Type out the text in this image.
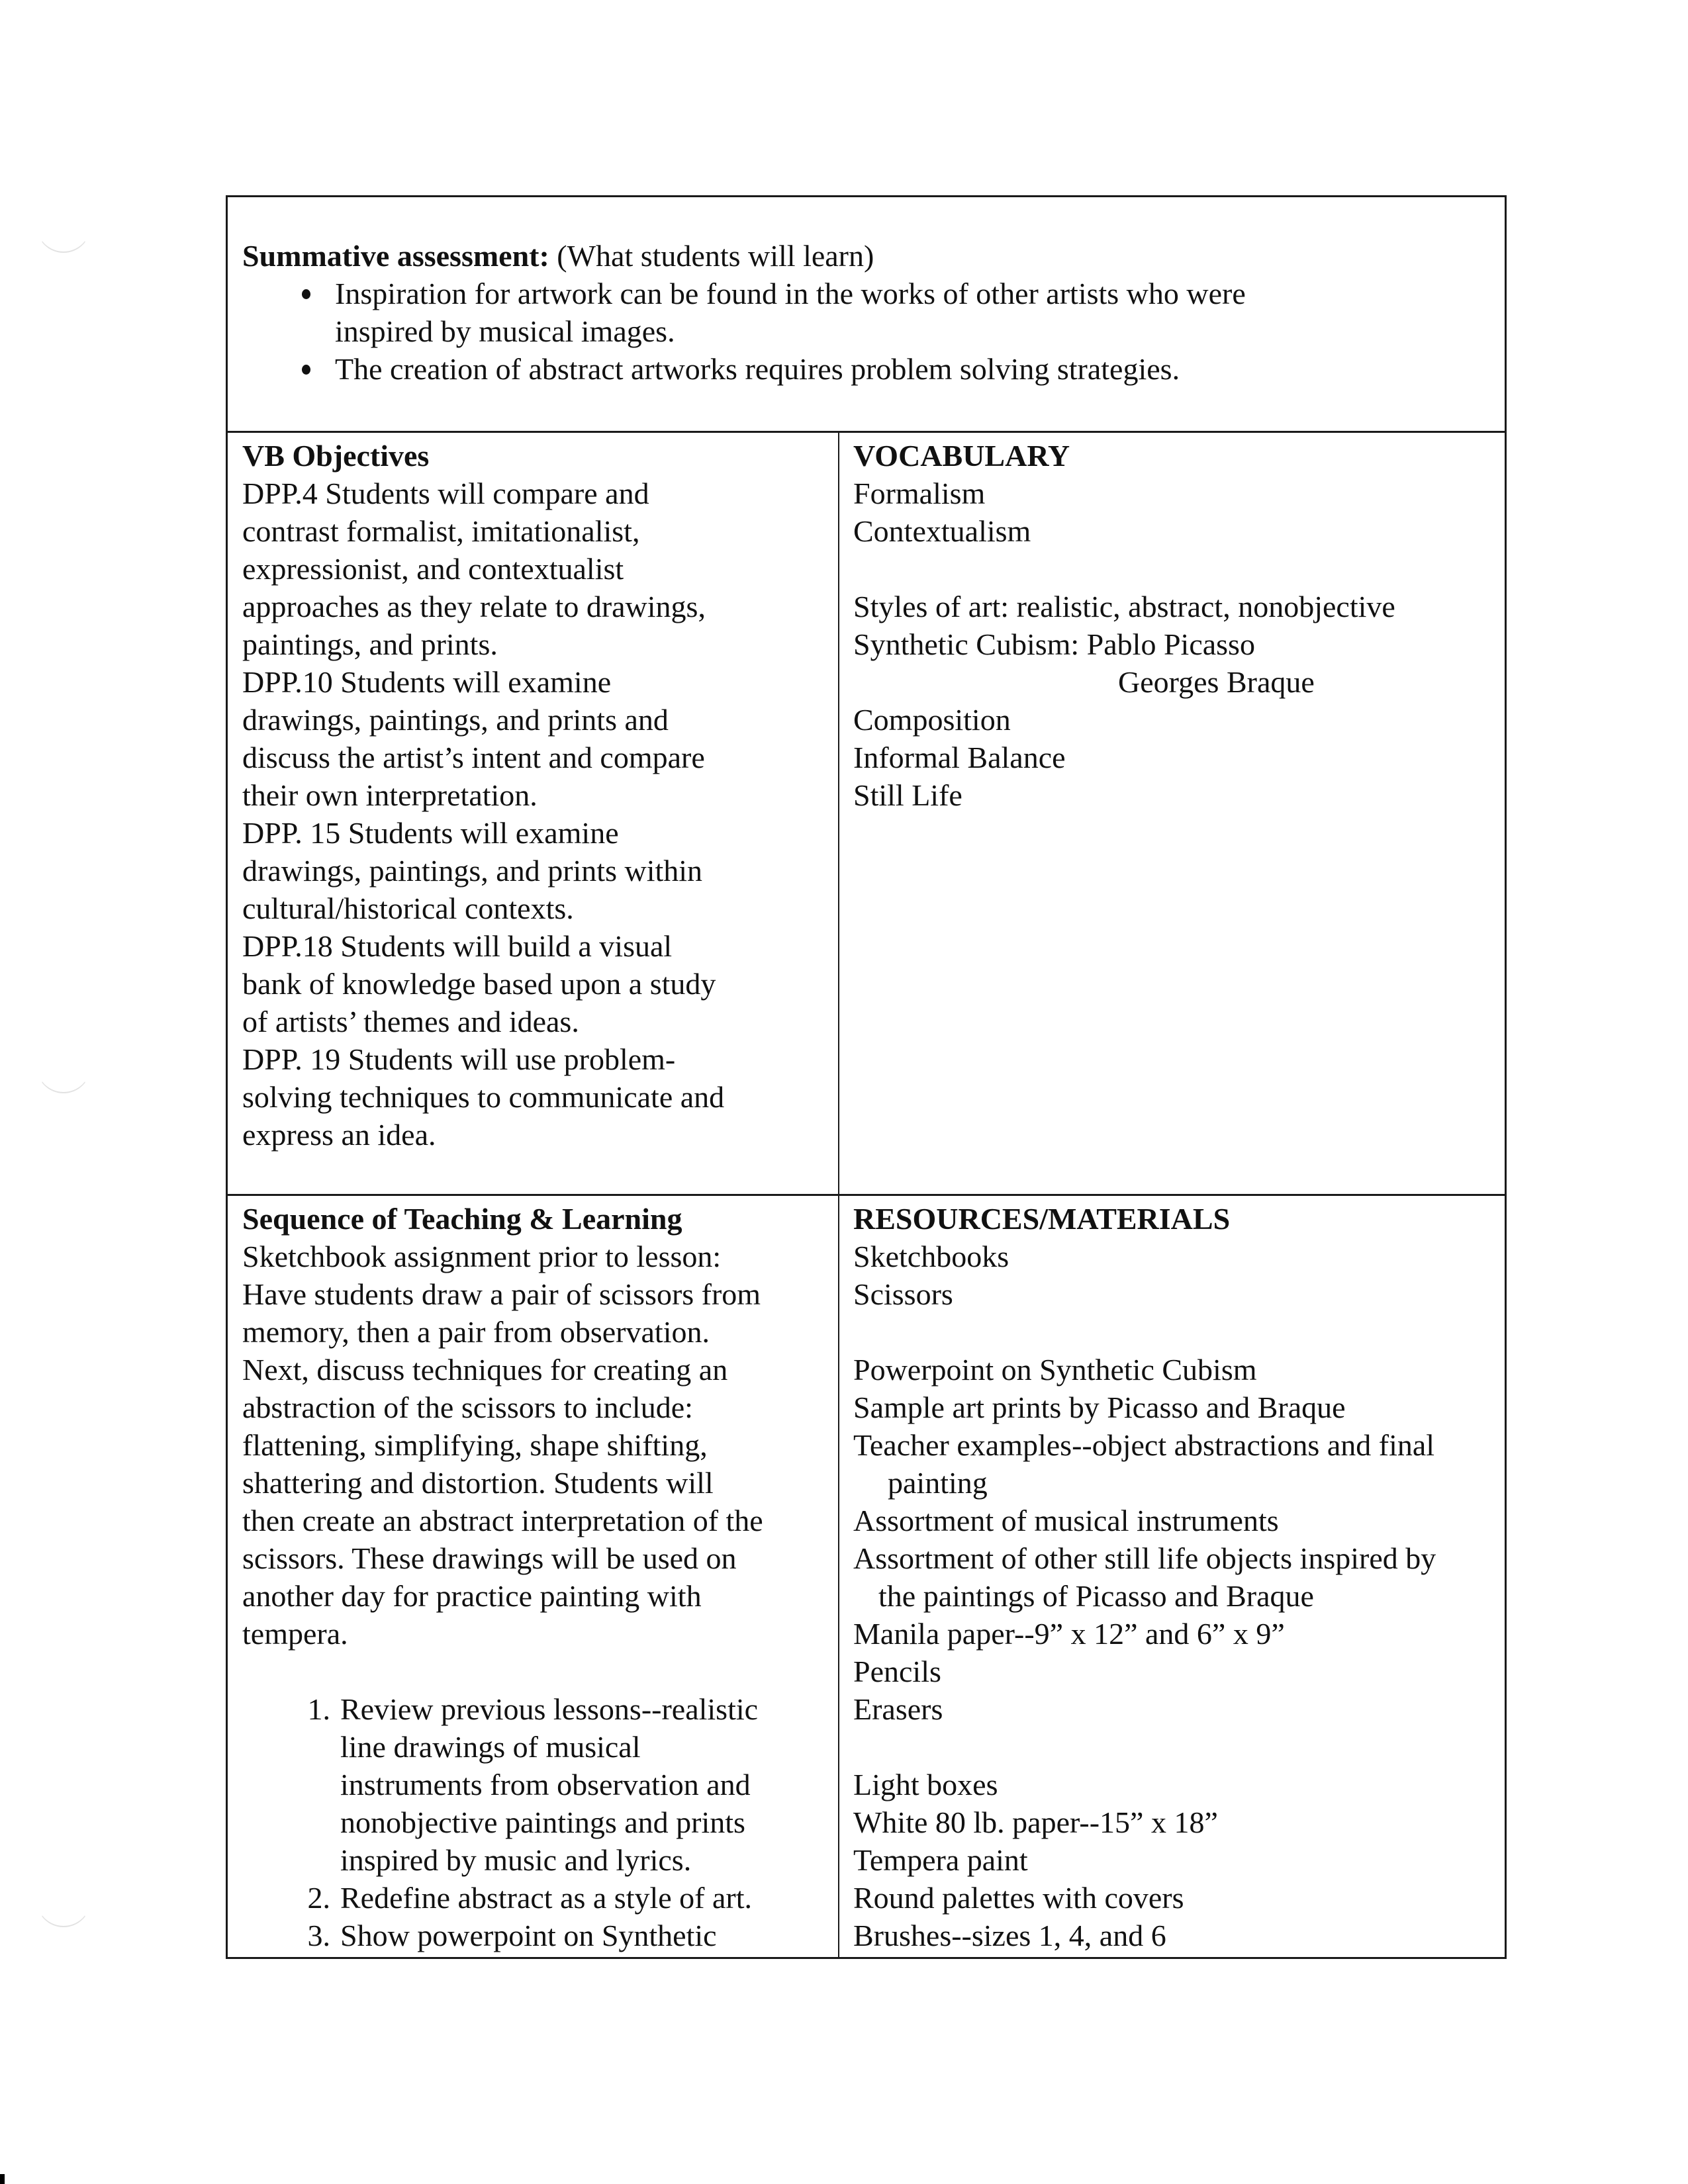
Summative assessment: (What students will learn)
Inspiration for artwork can be found in the works of other artists who were
inspired by musical images.
The creation of abstract artworks requires problem solving strategies.
VB Objectives
DPP.4 Students will compare and
contrast formalist, imitationalist,
expressionist, and contextualist
approaches as they relate to drawings,
paintings, and prints.
DPP.10 Students will examine
drawings, paintings, and prints and
discuss the artist’s intent and compare
their own interpretation.
DPP. 15 Students will examine
drawings, paintings, and prints within
cultural/historical contexts.
DPP.18 Students will build a visual
bank of knowledge based upon a study
of artists’ themes and ideas.
DPP. 19 Students will use problem-
solving techniques to communicate and
express an idea.
VOCABULARY
Formalism
Contextualism
Styles of art: realistic, abstract, nonobjective
Synthetic Cubism: Pablo Picasso
Georges Braque
Composition
Informal Balance
Still Life
Sequence of Teaching & Learning
Sketchbook assignment prior to lesson:
Have students draw a pair of scissors from
memory, then a pair from observation.
Next, discuss techniques for creating an
abstraction of the scissors to include:
flattening, simplifying, shape shifting,
shattering and distortion. Students will
then create an abstract interpretation of the
scissors. These drawings will be used on
another day for practice painting with
tempera.
1. Review previous lessons--realistic
line drawings of musical
instruments from observation and
nonobjective paintings and prints
inspired by music and lyrics.
2. Redefine abstract as a style of art.
3. Show powerpoint on Synthetic
RESOURCES/MATERIALS
Sketchbooks
Scissors
Powerpoint on Synthetic Cubism
Sample art prints by Picasso and Braque
Teacher examples--object abstractions and final
painting
Assortment of musical instruments
Assortment of other still life objects inspired by
the paintings of Picasso and Braque
Manila paper--9” x 12” and 6” x 9”
Pencils
Erasers
Light boxes
White 80 lb. paper--15” x 18”
Tempera paint
Round palettes with covers
Brushes--sizes 1, 4, and 6
